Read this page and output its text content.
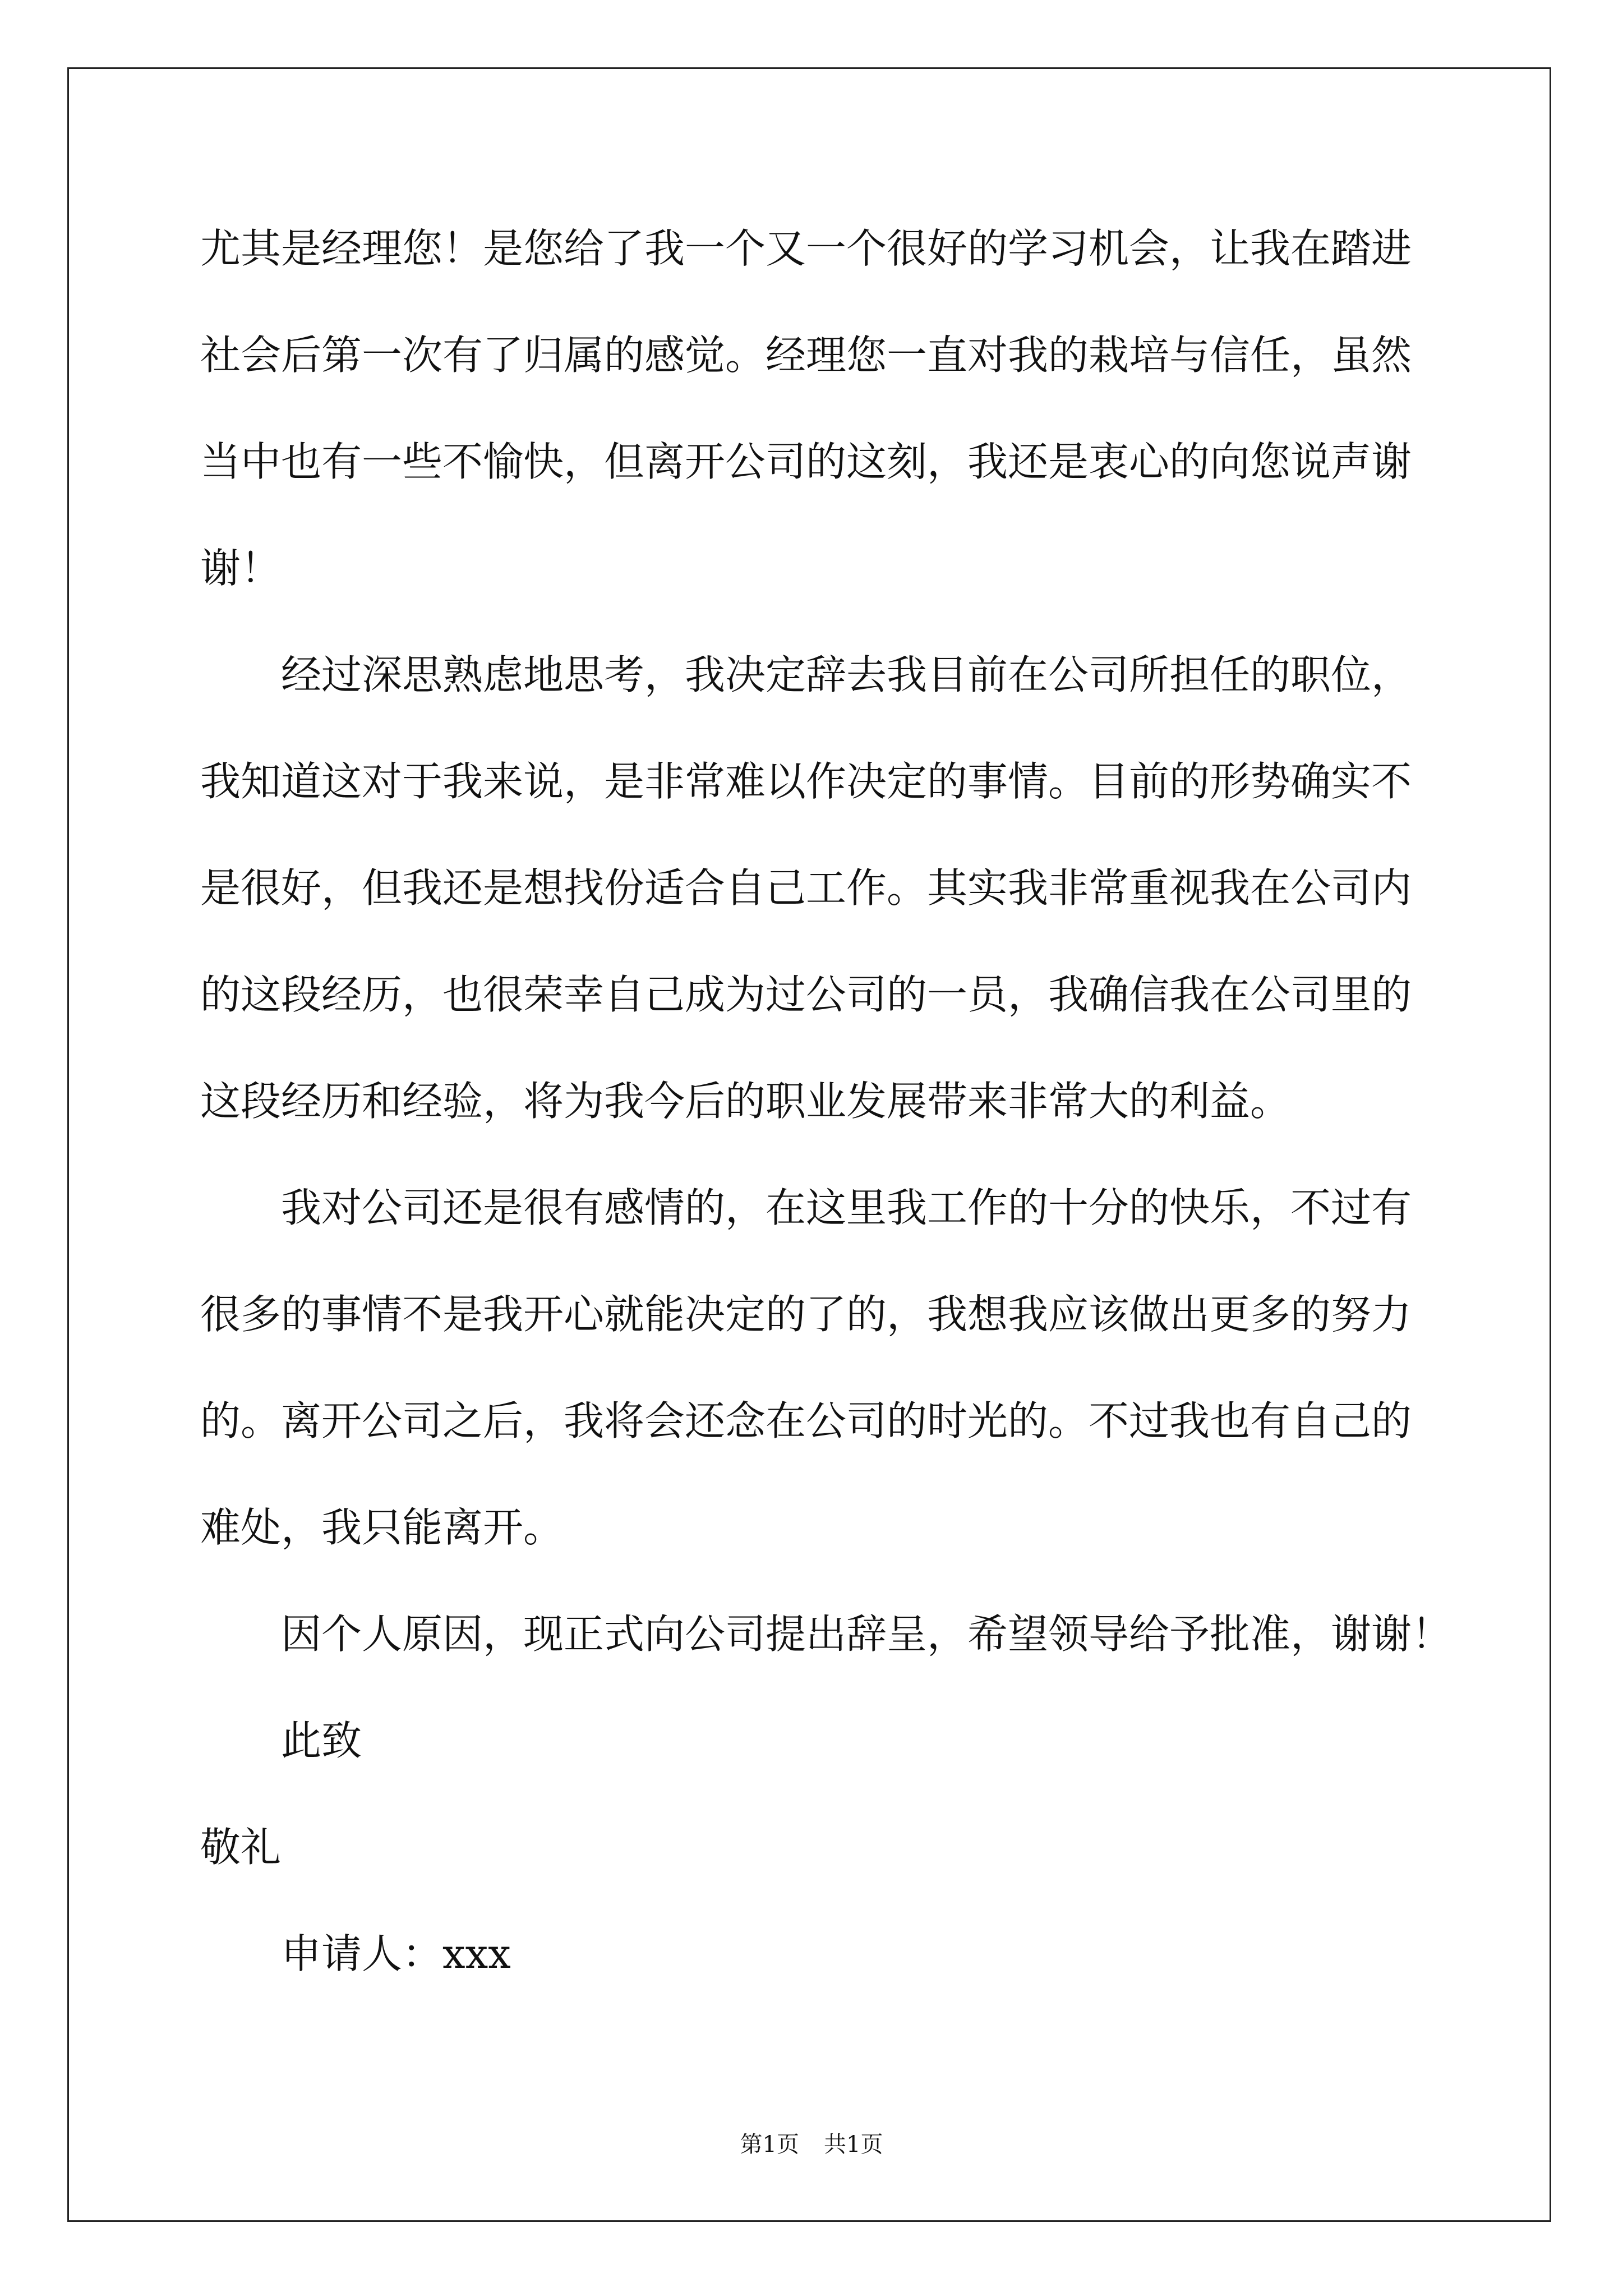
尤其是经理您！是您给了我一个又一个很好的学习机会，让我在踏进
社会后第一次有了归属的感觉。经理您一直对我的栽培与信任，虽然
当中也有一些不愉快，但离开公司的这刻，我还是衷心的向您说声谢
谢！
经过深思熟虑地思考，我决定辞去我目前在公司所担任的职位，
我知道这对于我来说，是非常难以作决定的事情。目前的形势确实不
是很好，但我还是想找份适合自己工作。其实我非常重视我在公司内
的这段经历，也很荣幸自己成为过公司的一员，我确信我在公司里的
这段经历和经验，将为我今后的职业发展带来非常大的利益。
我对公司还是很有感情的，在这里我工作的十分的快乐，不过有
很多的事情不是我开心就能决定的了的，我想我应该做出更多的努力
的。离开公司之后，我将会还念在公司的时光的。不过我也有自己的
难处，我只能离开。
因个人原因，现正式向公司提出辞呈，希望领导给予批准，谢谢！
此致
敬礼
申请人：xxx
第1页 共1页
